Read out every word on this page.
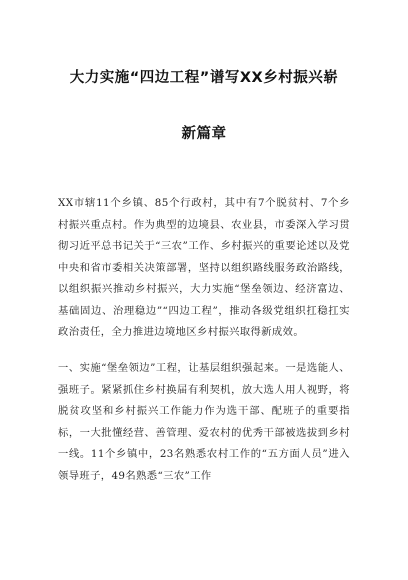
大力实施“四边工程”谱写XX乡村振兴崭
新篇章

XX市辖11个乡镇、85个行政村，其中有7个脱贫村、7个乡村振兴重点村。作为典型的边境县、农业县，市委深入学习贯彻习近平总书记关于“三农”工作、乡村振兴的重要论述以及党中央和省市委相关决策部署，坚持以组织路线服务政治路线，以组织振兴推动乡村振兴，大力实施“堡垒领边、经济富边、基础固边、治理稳边”“四边工程”，推动各级党组织扛稳扛实政治责任，全力推进边境地区乡村振兴取得新成效。

一、实施“堡垒领边”工程，让基层组织强起来。一是选能人、强班子。紧紧抓住乡村换届有利契机，放大选人用人视野，将脱贫攻坚和乡村振兴工作能力作为选干部、配班子的重要指标，一大批懂经营、善管理、爱农村的优秀干部被选拔到乡村一线。11个乡镇中，23名熟悉农村工作的“五方面人员”进入领导班子，49名熟悉“三农”工作
